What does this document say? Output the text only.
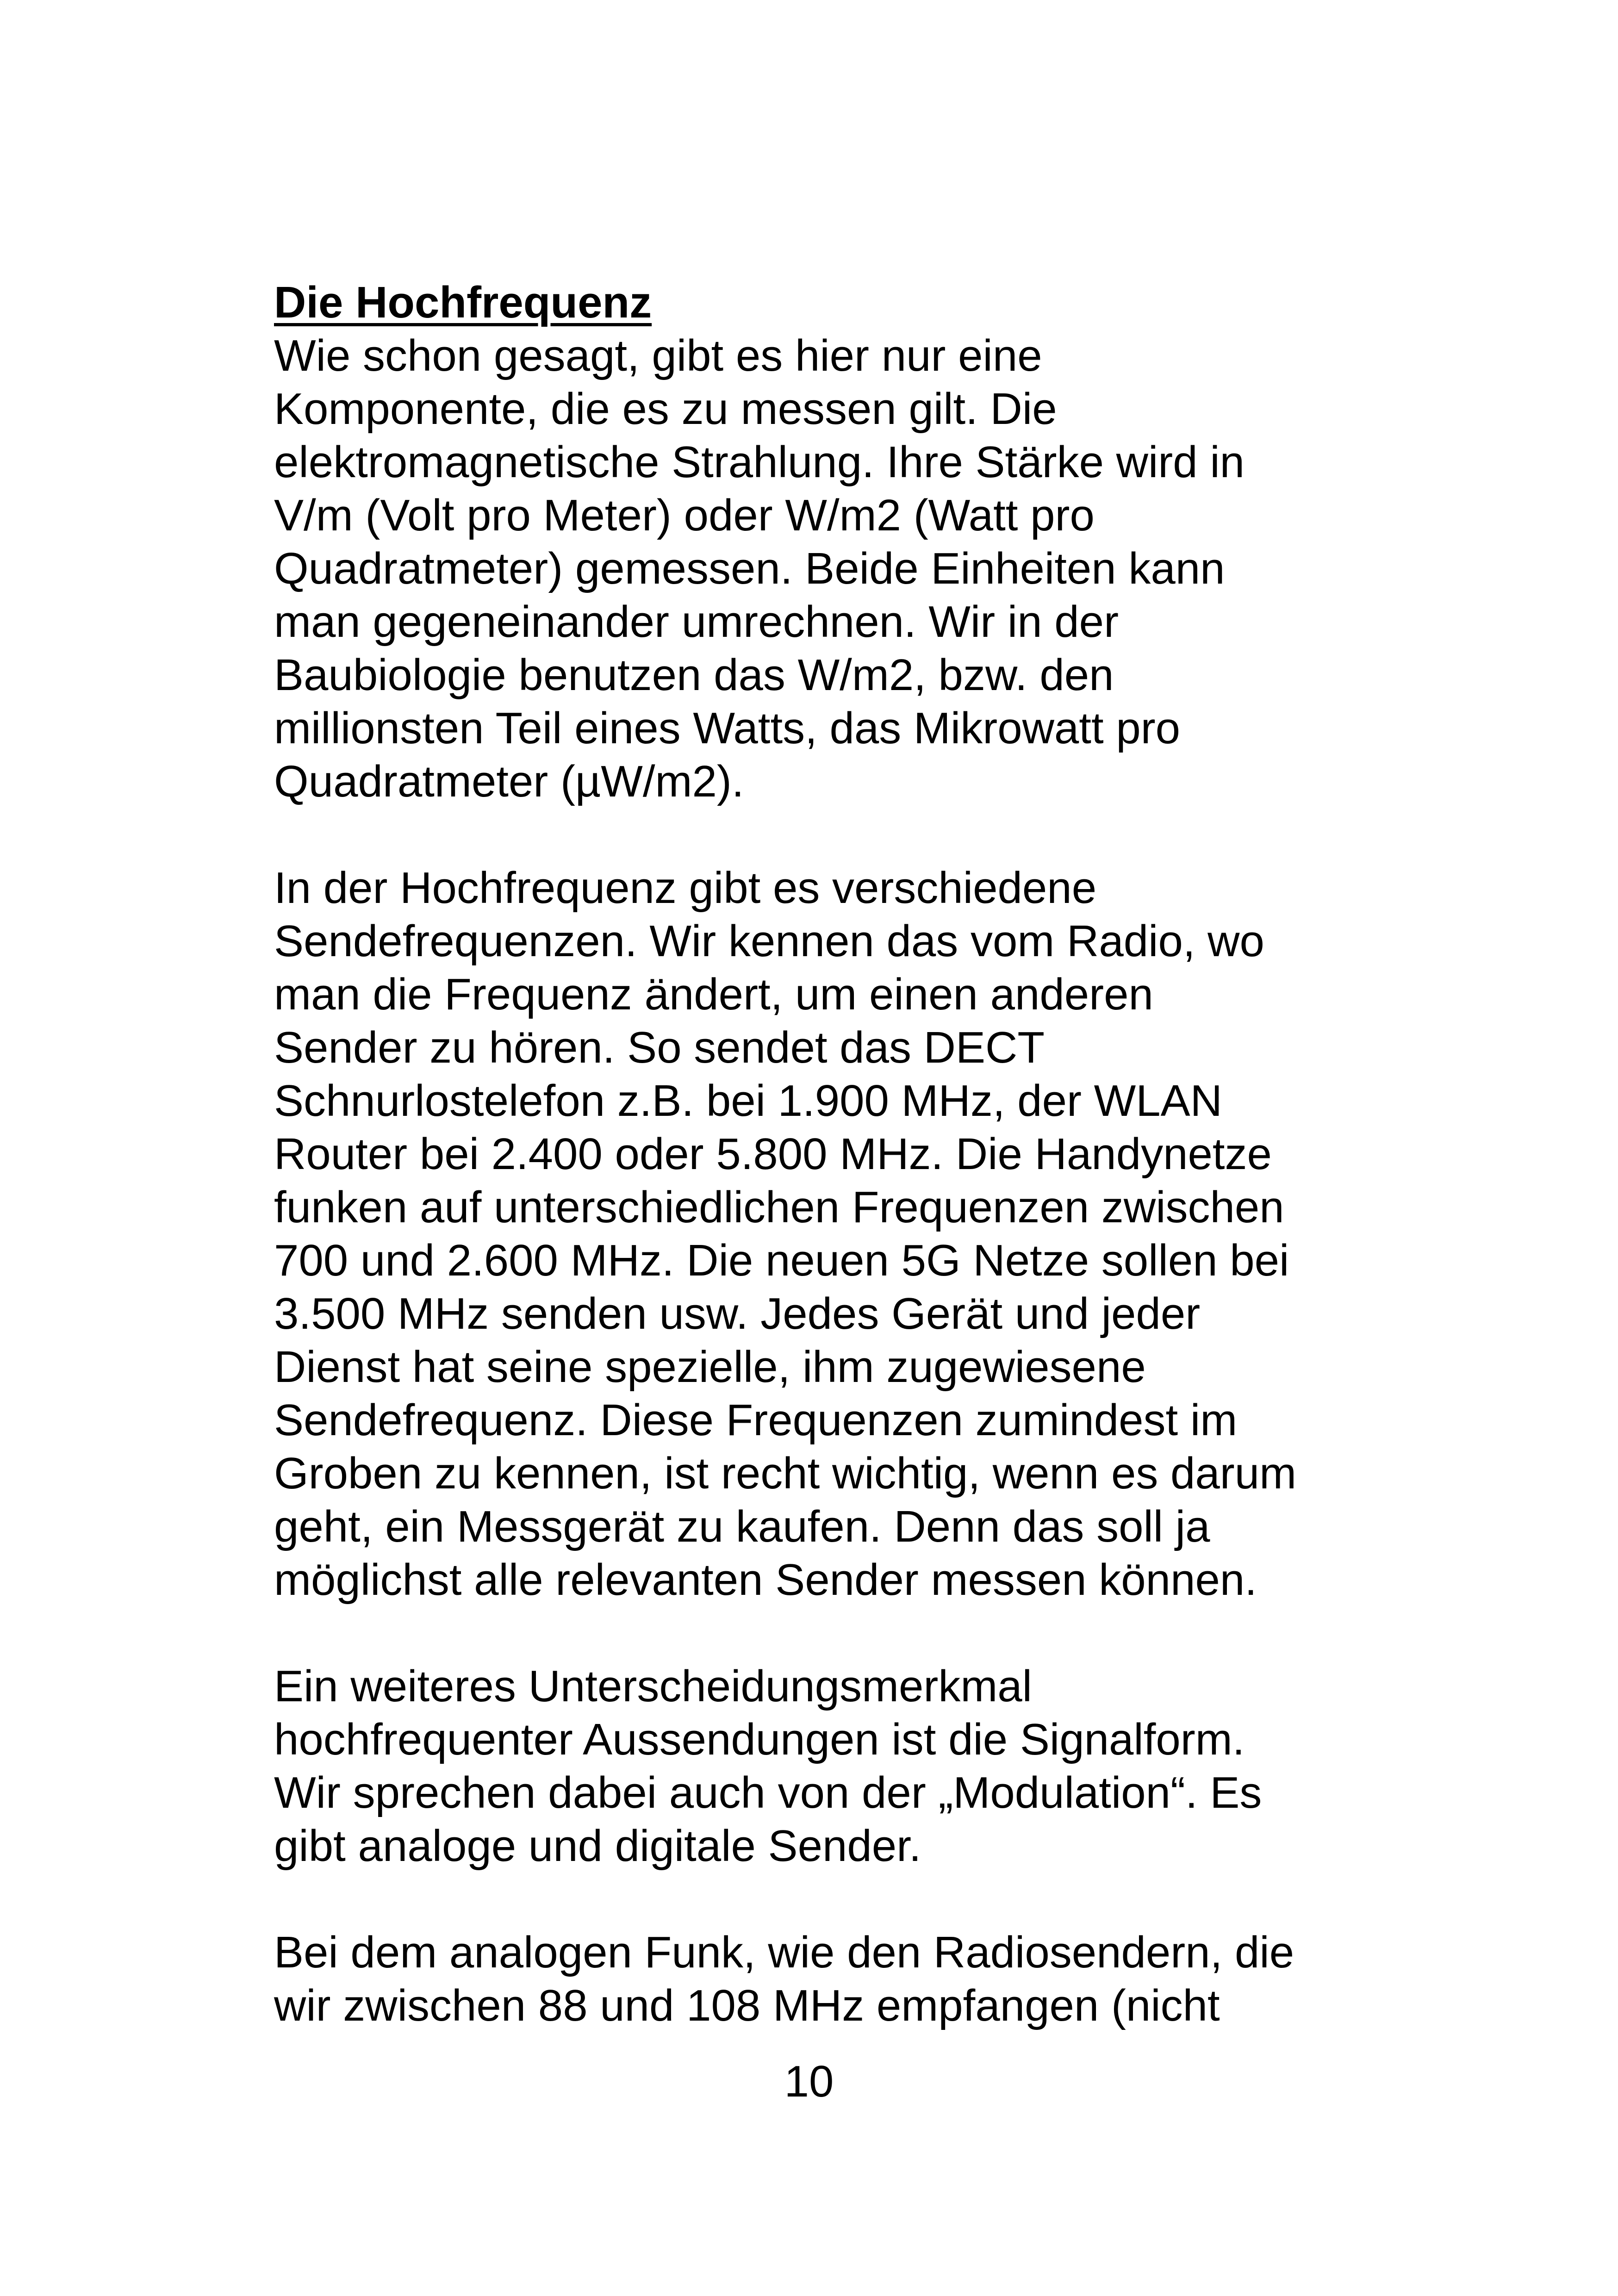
Die Hochfrequenz
Wie schon gesagt, gibt es hier nur eine
Komponente, die es zu messen gilt. Die
elektromagnetische Strahlung. Ihre Stärke wird in
V/m (Volt pro Meter) oder W/m2 (Watt pro
Quadratmeter) gemessen. Beide Einheiten kann
man gegeneinander umrechnen. Wir in der
Baubiologie benutzen das W/m2, bzw. den
millionsten Teil eines Watts, das Mikrowatt pro
Quadratmeter (µW/m2).
In der Hochfrequenz gibt es verschiedene
Sendefrequenzen. Wir kennen das vom Radio, wo
man die Frequenz ändert, um einen anderen
Sender zu hören. So sendet das DECT
Schnurlostelefon z.B. bei 1.900 MHz, der WLAN
Router bei 2.400 oder 5.800 MHz. Die Handynetze
funken auf unterschiedlichen Frequenzen zwischen
700 und 2.600 MHz. Die neuen 5G Netze sollen bei
3.500 MHz senden usw. Jedes Gerät und jeder
Dienst hat seine spezielle, ihm zugewiesene
Sendefrequenz. Diese Frequenzen zumindest im
Groben zu kennen, ist recht wichtig, wenn es darum
geht, ein Messgerät zu kaufen. Denn das soll ja
möglichst alle relevanten Sender messen können.
Ein weiteres Unterscheidungsmerkmal
hochfrequenter Aussendungen ist die Signalform.
Wir sprechen dabei auch von der „Modulation“. Es
gibt analoge und digitale Sender.
Bei dem analogen Funk, wie den Radiosendern, die
wir zwischen 88 und 108 MHz empfangen (nicht
10
